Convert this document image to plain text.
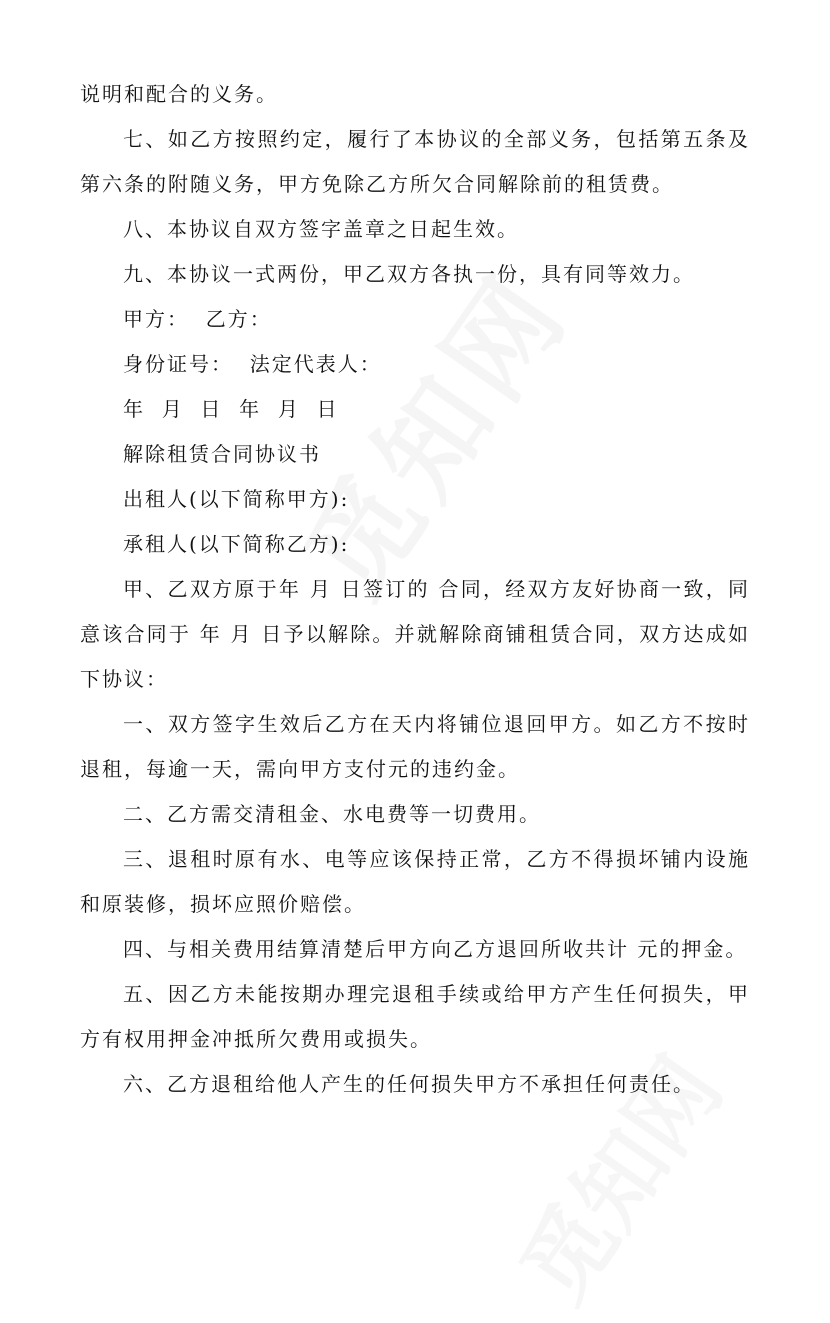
说明和配合的义务。

七、如乙方按照约定，履行了本协议的全部义务，包括第五条及第六条的附随义务，甲方免除乙方所欠合同解除前的租赁费。

八、本协议自双方签字盖章之日起生效。

九、本协议一式两份，甲乙双方各执一份，具有同等效力。

甲方：  乙方：

身份证号：  法定代表人：

年  月  日  年  月  日

解除租赁合同协议书

出租人(以下简称甲方):

承租人(以下简称乙方):

甲、乙双方原于年 月 日签订的 合同，经双方友好协商一致，同意该合同于 年 月 日予以解除。并就解除商铺租赁合同，双方达成如下协议：

一、双方签字生效后乙方在天内将铺位退回甲方。如乙方不按时退租，每逾一天，需向甲方支付元的违约金。

二、乙方需交清租金、水电费等一切费用。

三、退租时原有水、电等应该保持正常，乙方不得损坏铺内设施和原装修，损坏应照价赔偿。

四、与相关费用结算清楚后甲方向乙方退回所收共计 元的押金。

五、因乙方未能按期办理完退租手续或给甲方产生任何损失，甲方有权用押金冲抵所欠费用或损失。

六、乙方退租给他人产生的任何损失甲方不承担任何责任。
